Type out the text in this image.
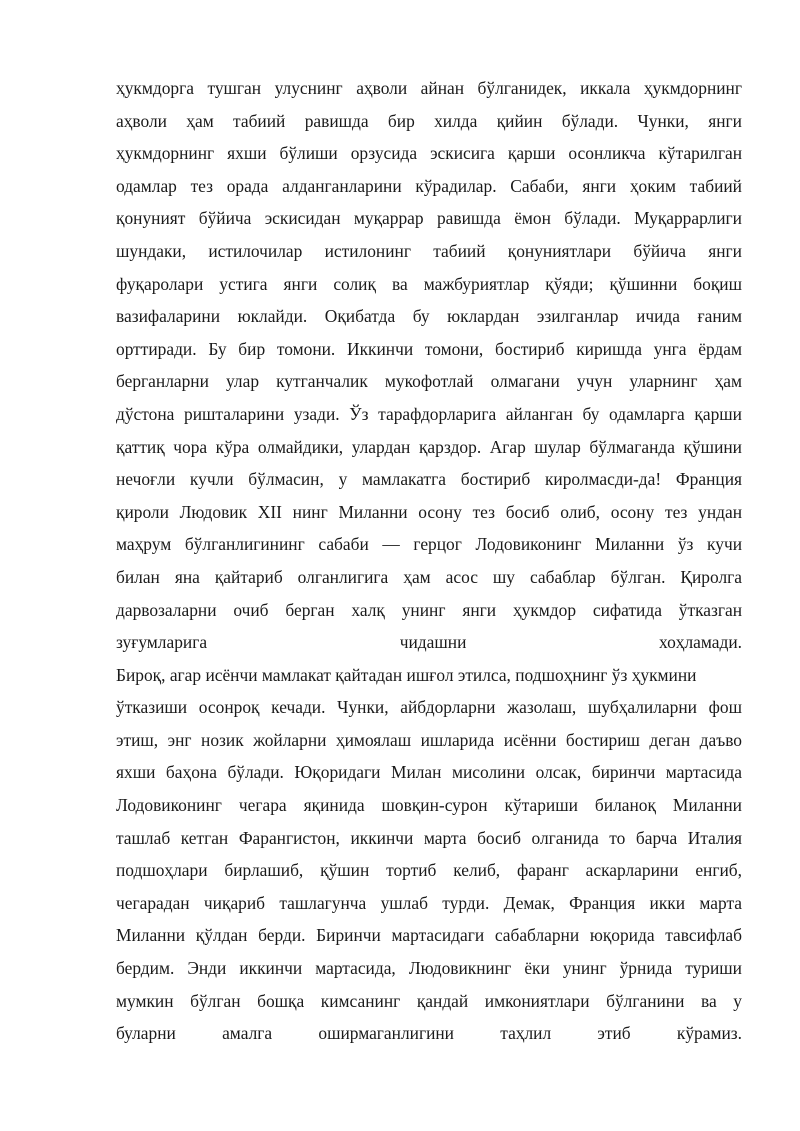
ҳукмдорга тушган улуснинг аҳволи айнан бўлганидек, иккала ҳукмдорнинг
аҳволи ҳам табиий равишда бир хилда қийин бўлади. Чунки, янги
ҳукмдорнинг яхши бўлиши орзусида эскисига қарши осонликча кўтарилган
одамлар тез орада алданганларини кўрадилар. Сабаби, янги ҳоким табиий
қонуният бўйича эскисидан муқаррар равишда ёмон бўлади. Муқаррарлиги
шундаки, истилочилар истилонинг табиий қонуниятлари бўйича янги
фуқаролари устига янги солиқ ва мажбуриятлар қўяди; қўшинни боқиш
вазифаларини юклайди. Оқибатда бу юклардан эзилганлар ичида ғаним
орттиради. Бу бир томони. Иккинчи томони, бостириб киришда унга ёрдам
берганларни улар кутганчалик мукофотлай олмагани учун уларнинг ҳам
дўстона ришталарини узади. Ўз тарафдорларига айланган бу одамларга қарши
қаттиқ чора кўра олмайдики, улардан қарздор. Агар шулар бўлмаганда қўшини
нечоғли кучли бўлмасин, у мамлакатга бостириб киролмасди-да! Франция
қироли Людовик XII нинг Миланни осону тез босиб олиб, осону тез ундан
маҳрум бўлганлигининг сабаби — герцог Лодовиконинг Миланни ўз кучи
билан яна қайтариб олганлигига ҳам асос шу сабаблар бўлган. Қиролга
дарвозаларни очиб берган халқ унинг янги ҳукмдор сифатида ўтказган
зуғумларига чидашни хоҳламади.
Бироқ, агар исёнчи мамлакат қайтадан ишғол этилса, подшоҳнинг ўз ҳукмини
ўтказиши осонроқ кечади. Чунки, айбдорларни жазолаш, шубҳалиларни фош
этиш, энг нозик жойларни ҳимоялаш ишларида исённи бостириш деган даъво
яхши баҳона бўлади. Юқоридаги Милан мисолини олсак, биринчи мартасида
Лодовиконинг чегара яқинида шовқин-сурон кўтариши биланоқ Миланни
ташлаб кетган Фарангистон, иккинчи марта босиб олганида то барча Италия
подшоҳлари бирлашиб, қўшин тортиб келиб, фаранг аскарларини енгиб,
чегарадан чиқариб ташлагунча ушлаб турди. Демак, Франция икки марта
Миланни қўлдан берди. Биринчи мартасидаги сабабларни юқорида тавсифлаб
бердим. Энди иккинчи мартасида, Людовикнинг ёки унинг ўрнида туриши
мумкин бўлган бошқа кимсанинг қандай имкониятлари бўлганини ва у
буларни амалга оширмаганлигини таҳлил этиб кўрамиз.
